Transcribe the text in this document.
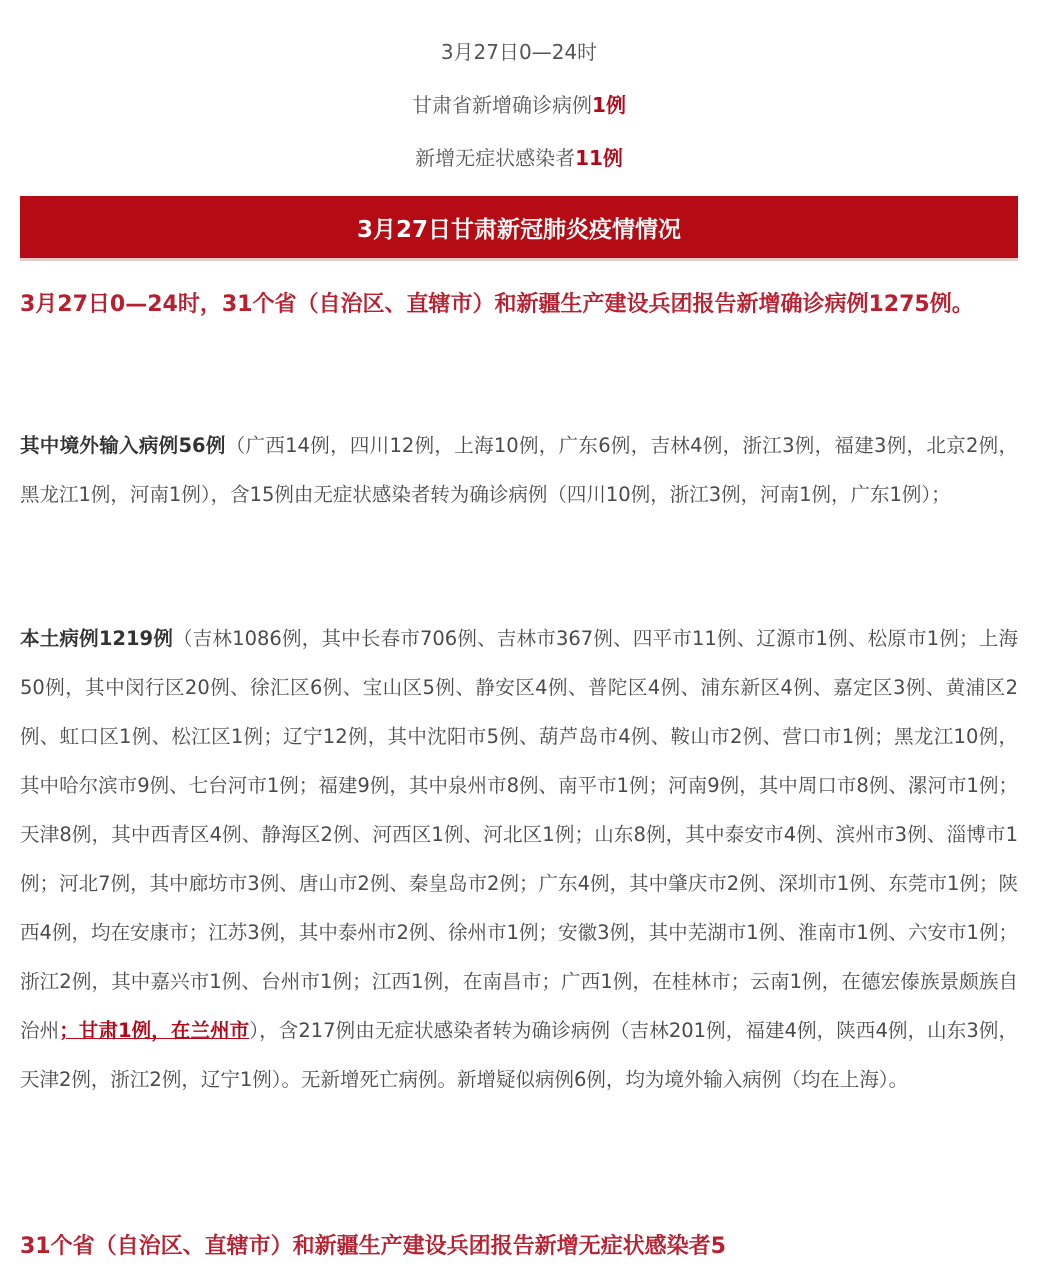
3月27日0—24时
甘肃省新增确诊病例1例
新增无症状感染者11例
3月27日甘肃新冠肺炎疫情情况
3月27日0—24时，31个省（自治区、直辖市）和新疆生产建设兵团报告新增确诊病例1275例。
其中境外输入病例56例（广西14例，四川12例，上海10例，广东6例，吉林4例，浙江3例，福建3例，北京2例，黑龙江1例，河南1例），含15例由无症状感染者转为确诊病例（四川10例，浙江3例，河南1例，广东1例）；
本土病例1219例（吉林1086例，其中长春市706例、吉林市367例、四平市11例、辽源市1例、松原市1例；上海50例，其中闵行区20例、徐汇区6例、宝山区5例、静安区4例、普陀区4例、浦东新区4例、嘉定区3例、黄浦区2例、虹口区1例、松江区1例；辽宁12例，其中沈阳市5例、葫芦岛市4例、鞍山市2例、营口市1例；黑龙江10例，其中哈尔滨市9例、七台河市1例；福建9例，其中泉州市8例、南平市1例；河南9例，其中周口市8例、漯河市1例；天津8例，其中西青区4例、静海区2例、河西区1例、河北区1例；山东8例，其中泰安市4例、滨州市3例、淄博市1例；河北7例，其中廊坊市3例、唐山市2例、秦皇岛市2例；广东4例，其中肇庆市2例、深圳市1例、东莞市1例；陕西4例，均在安康市；江苏3例，其中泰州市2例、徐州市1例；安徽3例，其中芜湖市1例、淮南市1例、六安市1例；浙江2例，其中嘉兴市1例、台州市1例；江西1例，在南昌市；广西1例，在桂林市；云南1例，在德宏傣族景颇族自治州；甘肃1例，在兰州市），含217例由无症状感染者转为确诊病例（吉林201例，福建4例，陕西4例，山东3例，天津2例，浙江2例，辽宁1例）。无新增死亡病例。新增疑似病例6例，均为境外输入病例（均在上海）。
31个省（自治区、直辖市）和新疆生产建设兵团报告新增无症状感染者5
